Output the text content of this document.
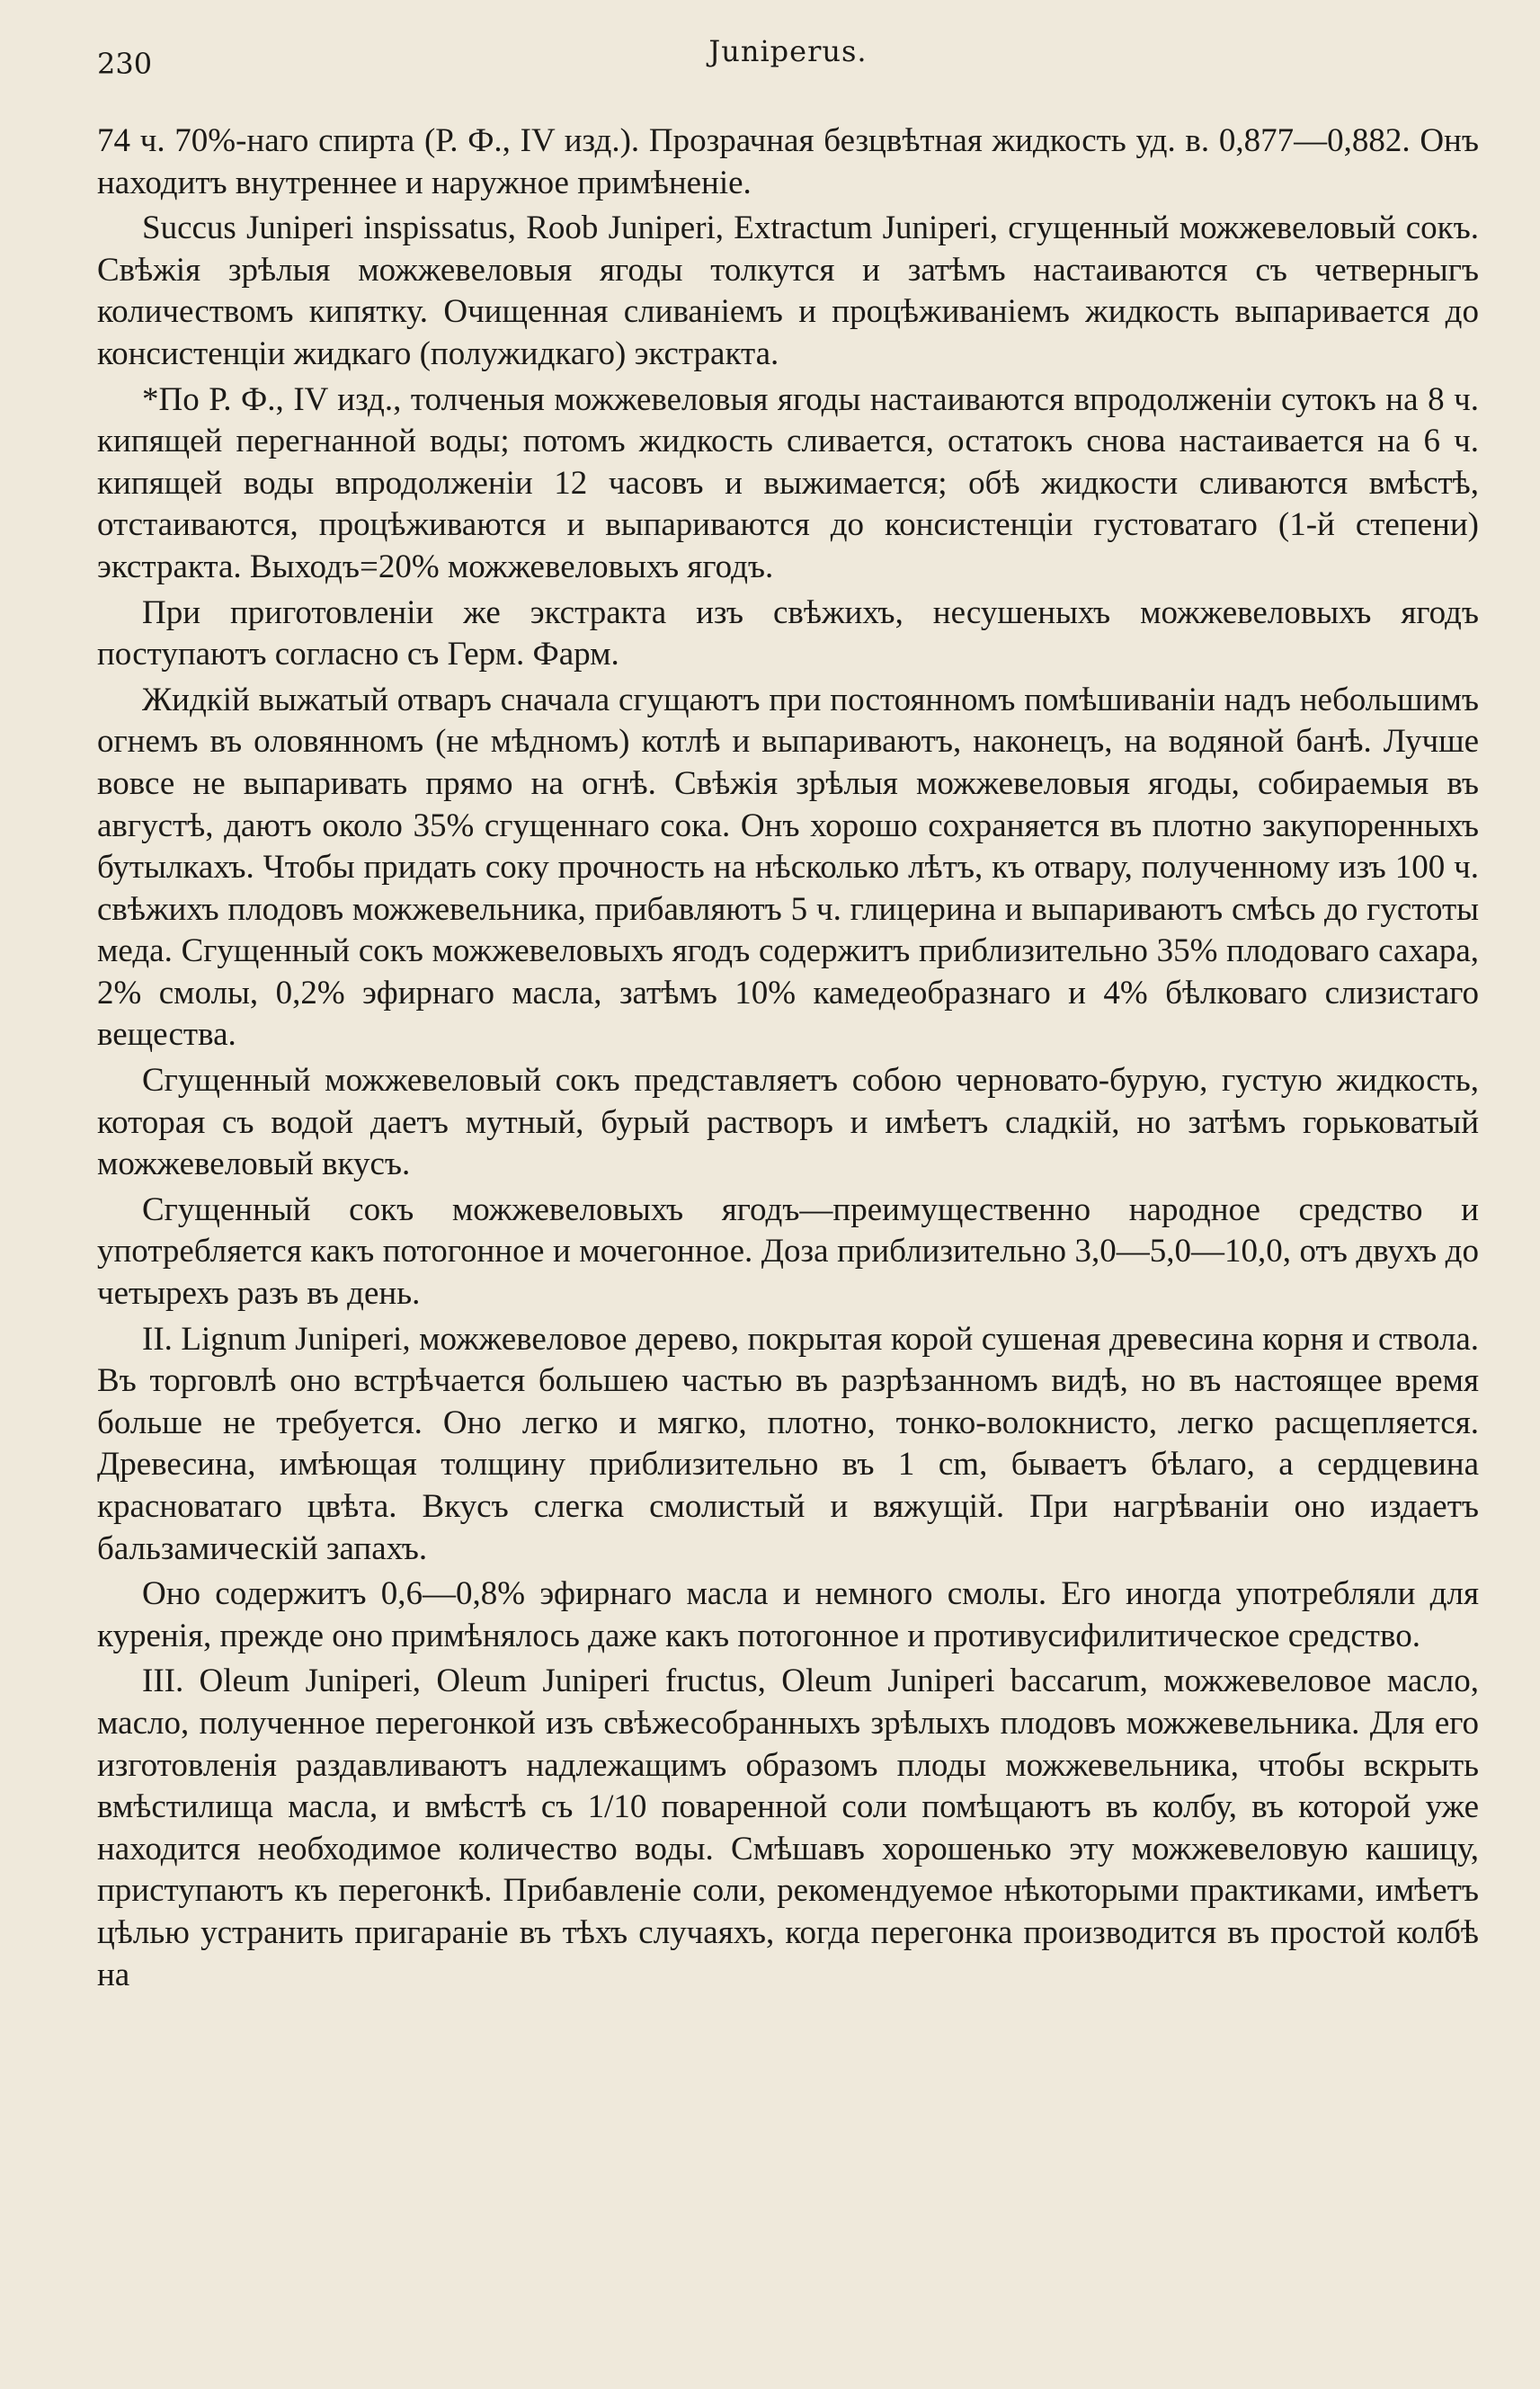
230	Juniperus.

74 ч. 70%-наго спирта (Р. Ф., IV изд.). Прозрачная безцвѣтная жидкость уд. в. 0,877—0,882. Онъ находитъ внутреннее и наружное примѣненіе.

Succus Juniperi inspissatus, Roob Juniperi, Extractum Juniperi, сгущенный можжевеловый сокъ. Свѣжія зрѣлыя можжевеловыя ягоды толкутся и затѣмъ настаиваются съ четверныгъ количествомъ кипятку. Очищенная сливаніемъ и процѣживаніемъ жидкость выпаривается до консистенціи жидкаго (полужидкаго) экстракта.

*По Р. Ф., IV изд., толченыя можжевеловыя ягоды настаиваются впродолженіи сутокъ на 8 ч. кипящей перегнанной воды; потомъ жидкость сливается, остатокъ снова настаивается на 6 ч. кипящей воды впродолженіи 12 часовъ и выжимается; обѣ жидкости сливаются вмѣстѣ, отстаиваются, процѣживаются и выпариваются до консистенціи густоватаго (1-й степени) экстракта. Выходъ=20% можжевеловыхъ ягодъ.

При приготовленіи же экстракта изъ свѣжихъ, несушеныхъ можжевеловыхъ ягодъ поступаютъ согласно съ Герм. Фарм.

Жидкій выжатый отваръ сначала сгущаютъ при постоянномъ помѣшиваніи надъ небольшимъ огнемъ въ оловянномъ (не мѣдномъ) котлѣ и выпариваютъ, наконецъ, на водяной банѣ. Лучше вовсе не выпаривать прямо на огнѣ. Свѣжія зрѣлыя можжевеловыя ягоды, собираемыя въ августѣ, даютъ около 35% сгущеннаго сока. Онъ хорошо сохраняется въ плотно закупоренныхъ бутылкахъ. Чтобы придать соку прочность на нѣсколько лѣтъ, къ отвару, полученному изъ 100 ч. свѣжихъ плодовъ можжевельника, прибавляютъ 5 ч. глицерина и выпариваютъ смѣсь до густоты меда. Сгущенный сокъ можжевеловыхъ ягодъ содержитъ приблизительно 35% плодоваго сахара, 2% смолы, 0,2% эфирнаго масла, затѣмъ 10% камедеобразнаго и 4% бѣлковаго слизистаго вещества.

Сгущенный можжевеловый сокъ представляетъ собою черновато-бурую, густую жидкость, которая съ водой даетъ мутный, бурый растворъ и имѣетъ сладкій, но затѣмъ горьковатый можжевеловый вкусъ.

Сгущенный сокъ можжевеловыхъ ягодъ—преимущественно народное средство и употребляется какъ потогонное и мочегонное. Доза приблизительно 3,0—5,0—10,0, отъ двухъ до четырехъ разъ въ день.

II. Lignum Juniperi, можжевеловое дерево, покрытая корой сушеная древесина корня и ствола. Въ торговлѣ оно встрѣчается большею частью въ разрѣзанномъ видѣ, но въ настоящее время больше не требуется. Оно легко и мягко, плотно, тонко-волокнисто, легко расщепляется. Древесина, имѣющая толщину приблизительно въ 1 cm, бываетъ бѣлаго, а сердцевина красноватаго цвѣта. Вкусъ слегка смолистый и вяжущій. При нагрѣваніи оно издаетъ бальзамическій запахъ.

Оно содержитъ 0,6—0,8% эфирнаго масла и немного смолы. Его иногда употребляли для куренія, прежде оно примѣнялось даже какъ потогонное и противусифилитическое средство.

III. Oleum Juniperi, Oleum Juniperi fructus, Oleum Juniperi baccarum, можжевеловое масло, масло, полученное перегонкой изъ свѣжесобранныхъ зрѣлыхъ плодовъ можжевельника. Для его изготовленія раздавливаютъ надлежащимъ образомъ плоды можжевельника, чтобы вскрыть вмѣстилища масла, и вмѣстѣ съ 1/10 поваренной соли помѣщаютъ въ колбу, въ которой уже находится необходимое количество воды. Смѣшавъ хорошенько эту можжевеловую кашицу, приступаютъ къ перегонкѣ. Прибавленіе соли, рекомендуемое нѣкоторыми практиками, имѣетъ цѣлью устранить пригараніе въ тѣхъ случаяхъ, когда перегонка производится въ простой колбѣ на
